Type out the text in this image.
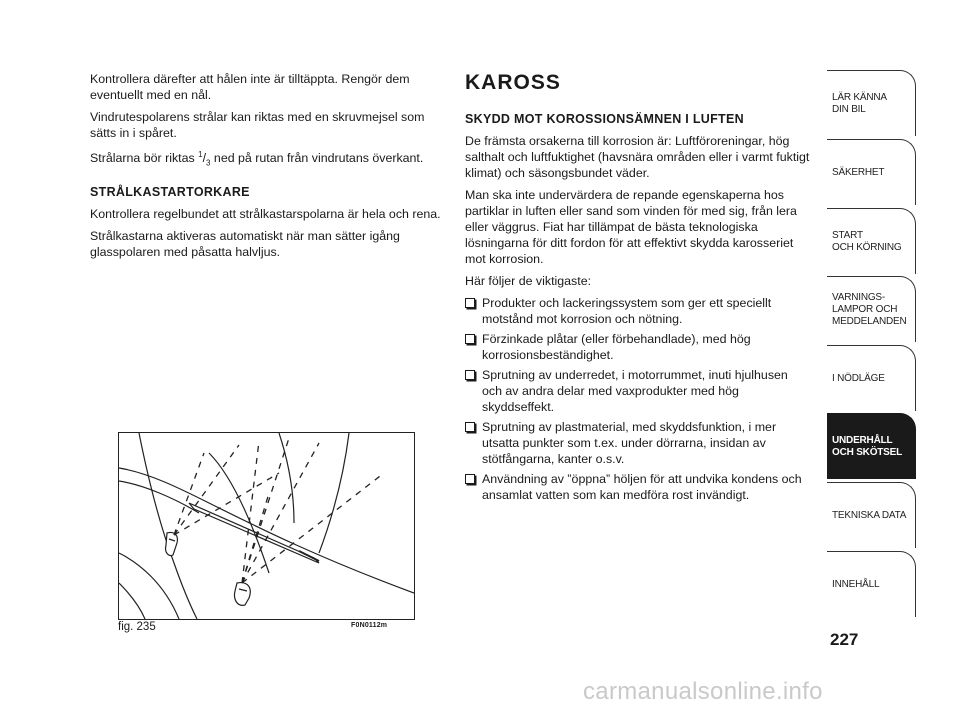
Kontrollera därefter att hålen inte är tilltäppta. Rengör dem eventuellt med en nål.

Vindrutespolarens strålar kan riktas med en skruvmejsel som sätts in i spåret.

Strålarna bör riktas $^1/_3$ ned på rutan från vindrutans överkant.

STRÅLKASTARTORKARE

Kontrollera regelbundet att strålkastarspolarna är hela och rena.

Strålkastarna aktiveras automatiskt när man sätter igång glasspolaren med påsatta halvljus.

fig. 235	F0N0112m
KAROSS
SKYDD MOT KOROSSIONSÄMNEN I LUFTEN

De främsta orsakerna till korrosion är: Luftföroreningar, hög salthalt och luftfuktighet (havsnära områden eller i varmt fuktigt klimat) och säsongsbundet väder.

Man ska inte undervärdera de repande egenskaperna hos partiklar in luften eller sand som vinden för med sig, från lera eller väggrus. Fiat har tillämpat de bästa teknologiska lösningarna för ditt fordon för att effektivt skydda karosseriet mot korrosion.

Här följer de viktigaste:

Produkter och lackeringssystem som ger ett speciellt motstånd mot korrosion och nötning.
Förzinkade plåtar (eller förbehandlade), med hög korrosionsbeständighet.
Sprutning av underredet, i motorrummet, inuti hjulhusen och av andra delar med vaxprodukter med hög skyddseffekt.
Sprutning av plastmaterial, med skyddsfunktion, i mer utsatta punkter som t.ex. under dörrarna, insidan av stötfångarna, kanter o.s.v.
Användning av ”öppna” höljen för att undvika kondens och ansamlat vatten som kan medföra rost invändigt.
LÄR KÄNNA
DIN BIL
SÄKERHET
START
OCH KÖRNING
VARNINGS-
LAMPOR OCH
MEDDELANDEN
I NÖDLÄGE
UNDERHÅLL
OCH SKÖTSEL
TEKNISKA DATA
INNEHÅLL
227
carmanualsonline.info
